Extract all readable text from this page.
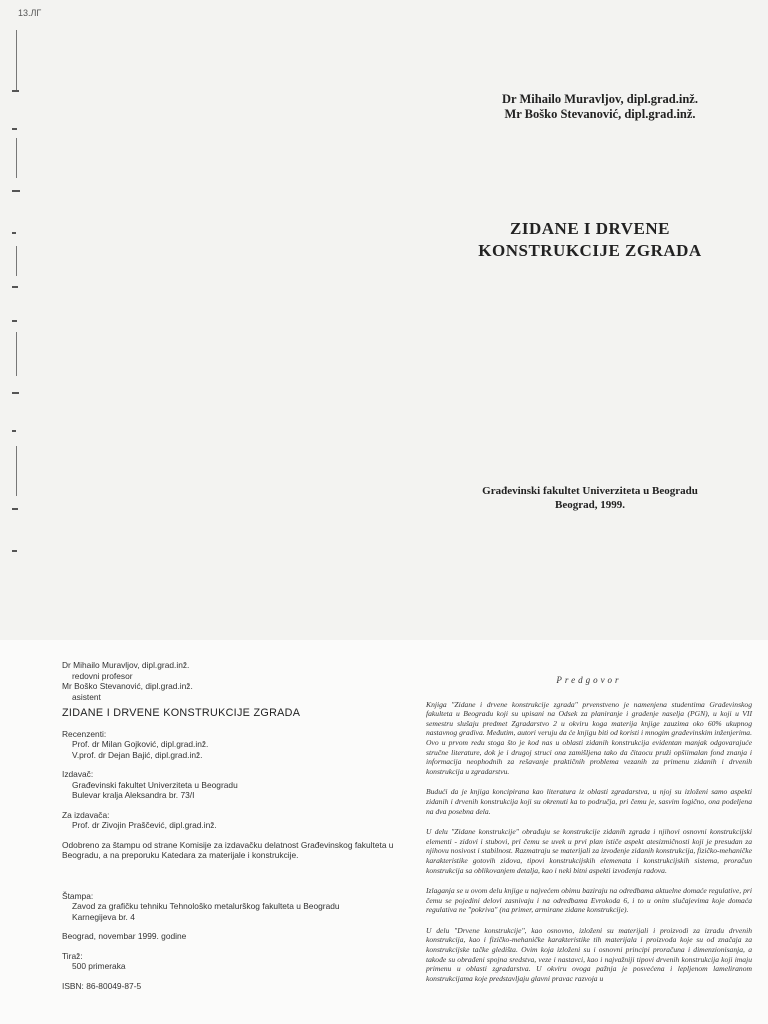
13.ЛГ
Dr Mihailo Muravljov, dipl.grad.inž.
Mr Boško Stevanović, dipl.grad.inž.
ZIDANE I DRVENE
KONSTRUKCIJE ZGRADA
Građevinski fakultet Univerziteta u Beogradu
Beograd, 1999.
Dr Mihailo Muravljov, dipl.grad.inž.
redovni profesor
Mr Boško Stevanović, dipl.grad.inž.
asistent
ZIDANE I DRVENE KONSTRUKCIJE ZGRADA
Recenzenti:
Prof. dr Milan Gojković, dipl.grad.inž.
V.prof. dr Dejan Bajić, dipl.grad.inž.
Izdavač:
Građevinski fakultet Univerziteta u Beogradu
Bulevar kralja Aleksandra br. 73/I
Za izdavača:
Prof. dr Zivojin Praščević, dipl.grad.inž.
Odobreno za štampu od strane Komisije za izdavačku delatnost Građevinskog fakulteta u Beogradu, a na preporuku Katedara za materijale i konstrukcije.
Štampa:
Zavod za grafičku tehniku Tehnološko metalurškog fakulteta u Beogradu
Karnegijeva br. 4
Beograd, novembar 1999. godine
Tiraž:
500 primeraka
ISBN: 86-80049-87-5
Predgovor

Knjiga "Zidane i drvene konstrukcije zgrada" prvenstveno je namenjena studentima Građevinskog fakulteta u Beogradu koji su upisani na Odsek za planiranje i građenje naselja (PGN), u koji u VII semestru slušaju predmet Zgradarstvo 2 u okviru koga materija knjige zauzima oko 60% ukupnog nastavnog gradiva. Međutim, autori veruju da će knjigu biti od koristi i mnogim građevinskim inženjerima. Ovo u prvom redu stoga što je kod nas u oblasti zidanih konstrukcija evidentan manjak odgovarajuće stručne literature, dok je i drugoj struci ona zamišljena tako da čitaocu pruži opšiimalan fond znanja i informacija neophodnih za rešavanje praktičnih problema vezanih za primenu zidanih i drvenih konstrukcija u zgradarstvu.

Budući da je knjiga koncipirana kao literatura iz oblasti zgradarstva, u njoj su izloženi samo aspekti zidanih i drvenih konstrukcija koji su okrenuti ka to područja, pri čemu je, sasvim logično, ona podeljena na dva posebna dela.

U delu "Zidane konstrukcije" obrađuju se konstrukcije zidanih zgrada i njihovi osnovni konstrukcijski elementi - zidovi i stubovi, pri čemu se uvek u prvi plan ističe aspekt atesizmičnosti koji je presudan za njihovu nosivost i stabilnost. Razmatraju se materijali za izvođenje zidanih konstrukcija, fizičko-mehaničke karakteristike gotovih zidova, tipovi konstrukcijskih elemenata i konstrukcijskih sistema, proračun konstrukcija sa oblikovanjem detalja, kao i neki bitni aspekti izvođenja radova.

Izlaganja se u ovom delu knjige u najvećem obimu baziraju na odredbama aktuelne domaće regulative, pri čemu se pojedini delovi zasnivaju i na odredbama Evrokoda 6, i to u onim slučajevima koje domaća regulativa ne "pokriva" (na primer, armirane zidane konstrukcije).

U delu "Drvene konstrukcije", kao osnovno, izloženi su materijali i proizvodi za izradu drvenih konstrukcija, kao i fizičko-mehaničke karakteristike tih materijala i proizvoda koje su od značaja za konstrukcijske tačke gledišta. Ovim koja izloženi su i osnovni principi proračuna i dimenzionisanja, a takođe su obrađeni spojna sredstva, veze i nastavci, kao i najvažniji tipovi drvenih konstrukcija koji imaju primenu u oblasti zgradarstva. U okviru ovoga pažnja je posvećena i lepljenom lameliranom konstrukcijama koje predstavljaju glavni pravac razvoja u
